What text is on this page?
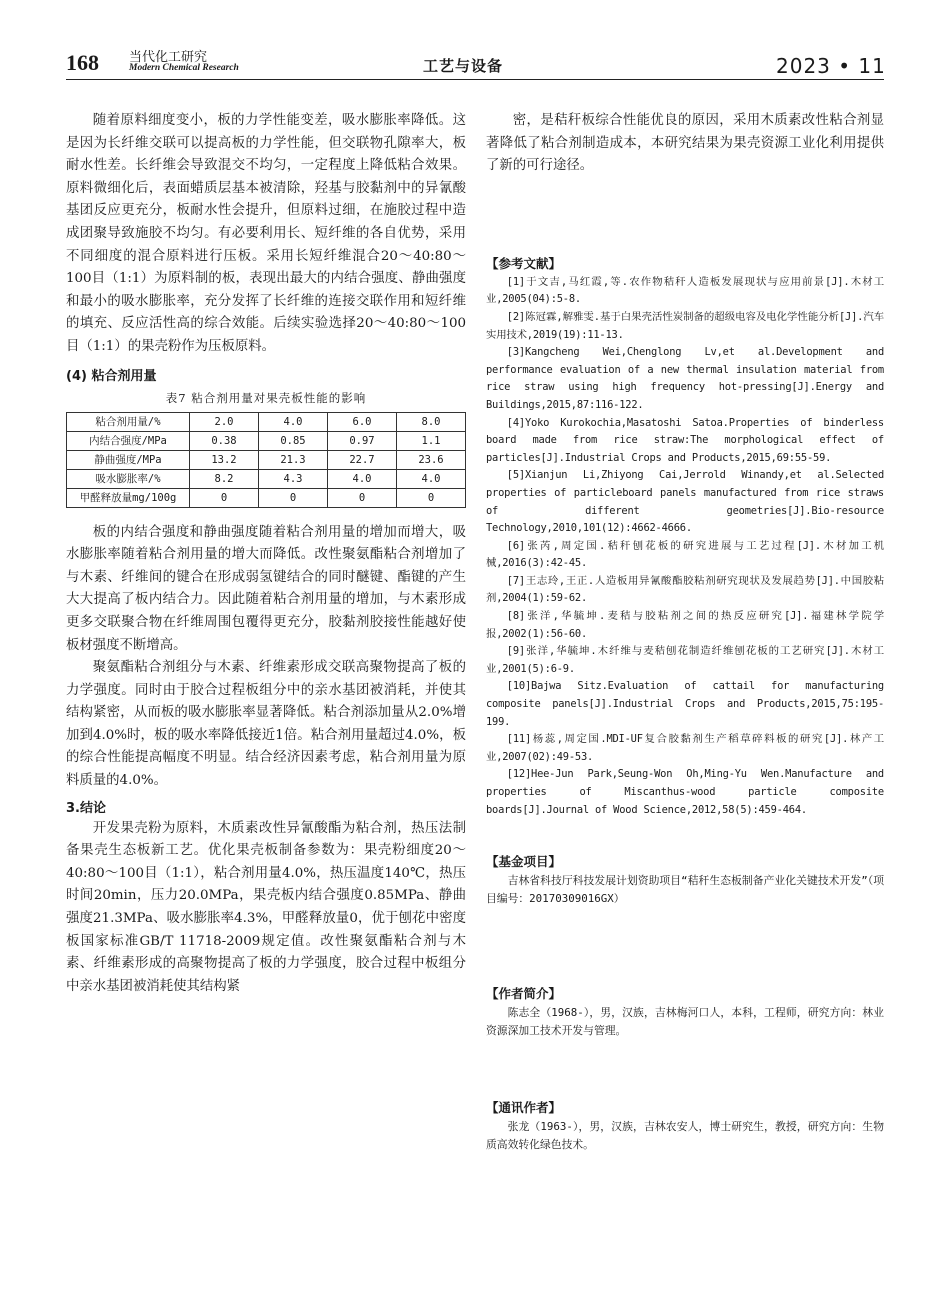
168 当代化工研究
Modern Chemical Research	工艺与设备	2023 • 11

随着原料细度变小，板的力学性能变差，吸水膨胀率降低。这是因为长纤维交联可以提高板的力学性能，但交联物孔隙率大，板耐水性差。长纤维会导致混交不均匀，一定程度上降低粘合效果。原料微细化后，表面蜡质层基本被清除，羟基与胶黏剂中的异氰酸基团反应更充分，板耐水性会提升，但原料过细，在施胶过程中造成团聚导致施胶不均匀。有必要利用长、短纤维的各自优势，采用不同细度的混合原料进行压板。采用长短纤维混合20～40:80～100目（1:1）为原料制的板，表现出最大的内结合强度、静曲强度和最小的吸水膨胀率，充分发挥了长纤维的连接交联作用和短纤维的填充、反应活性高的综合效能。后续实验选择20～40:80～100目（1:1）的果壳粉作为压板原料。

(4) 粘合剂用量

表7 粘合剂用量对果壳板性能的影响

粘合剂用量/%	2.0	4.0	6.0	8.0
内结合强度/MPa	0.38	0.85	0.97	1.1
静曲强度/MPa	13.2	21.3	22.7	23.6
吸水膨胀率/%	8.2	4.3	4.0	4.0
甲醛释放量mg/100g	0	0	0	0

板的内结合强度和静曲强度随着粘合剂用量的增加而增大，吸水膨胀率随着粘合剂用量的增大而降低。改性聚氨酯粘合剂增加了与木素、纤维间的键合在形成弱氢键结合的同时醚键、酯键的产生大大提高了板内结合力。因此随着粘合剂用量的增加，与木素形成更多交联聚合物在纤维周围包覆得更充分，胶黏剂胶接性能越好使板材强度不断增高。

聚氨酯粘合剂组分与木素、纤维素形成交联高聚物提高了板的力学强度。同时由于胶合过程板组分中的亲水基团被消耗，并使其结构紧密，从而板的吸水膨胀率显著降低。粘合剂添加量从2.0%增加到4.0%时，板的吸水率降低接近1倍。粘合剂用量超过4.0%，板的综合性能提高幅度不明显。结合经济因素考虑，粘合剂用量为原料质量的4.0%。

3.结论

开发果壳粉为原料，木质素改性异氰酸酯为粘合剂，热压法制备果壳生态板新工艺。优化果壳板制备参数为：果壳粉细度20～40:80～100目（1:1），粘合剂用量4.0%，热压温度140℃，热压时间20min，压力20.0MPa，果壳板内结合强度0.85MPa、静曲强度21.3MPa、吸水膨胀率4.3%，甲醛释放量0，优于刨花中密度板国家标准GB/T 11718-2009规定值。改性聚氨酯粘合剂与木素、纤维素形成的高聚物提高了板的力学强度，胶合过程中板组分中亲水基团被消耗使其结构紧

密，是秸秆板综合性能优良的原因，采用木质素改性粘合剂显著降低了粘合剂制造成本，本研究结果为果壳资源工业化利用提供了新的可行途径。

【参考文献】

[1]于文吉,马红霞,等.农作物秸秆人造板发展现状与应用前景[J].木材工业,2005(04):5-8.

[2]陈冠霖,解雅雯.基于白果壳活性炭制备的超级电容及电化学性能分析[J].汽车实用技术,2019(19):11-13.

[3]Kangcheng Wei,Chenglong Lv,et al.Development and performance evaluation of a new thermal insulation material from rice straw using high frequency hot-pressing[J].Energy and Buildings,2015,87:116-122.

[4]Yoko Kurokochia,Masatoshi Satoa.Properties of binderless board made from rice straw:The morphological effect of particles[J].Industrial Crops and Products,2015,69:55-59.

[5]Xianjun Li,Zhiyong Cai,Jerrold Winandy,et al.Selected properties of particleboard panels manufactured from rice straws of different geometries[J].Bio-resource Technology,2010,101(12):4662-4666.

[6]张芮,周定国.秸秆刨花板的研究进展与工艺过程[J].木材加工机械,2016(3):42-45.

[7]王志玲,王正.人造板用异氰酸酯胶粘剂研究现状及发展趋势[J].中国胶粘剂,2004(1):59-62.

[8]张洋,华毓坤.麦秸与胶粘剂之间的热反应研究[J].福建林学院学报,2002(1):56-60.

[9]张洋,华毓坤.木纤维与麦秸刨花制造纤维刨花板的工艺研究[J].木材工业,2001(5):6-9.

[10]Bajwa Sitz.Evaluation of cattail for manufacturing composite panels[J].Industrial Crops and Products,2015,75:195-199.

[11]杨蕊,周定国.MDI-UF复合胶黏剂生产稻草碎料板的研究[J].林产工业,2007(02):49-53.

[12]Hee-Jun Park,Seung-Won Oh,Ming-Yu Wen.Manufacture and properties of Miscanthus-wood particle composite boards[J].Journal of Wood Science,2012,58(5):459-464.

【基金项目】

吉林省科技厅科技发展计划资助项目“秸秆生态板制备产业化关键技术开发”（项目编号：20170309016GX）

【作者简介】

陈志全（1968-），男，汉族，吉林梅河口人，本科，工程师，研究方向：林业资源深加工技术开发与管理。

【通讯作者】

张龙（1963-），男，汉族，吉林农安人，博士研究生，教授，研究方向：生物质高效转化绿色技术。
